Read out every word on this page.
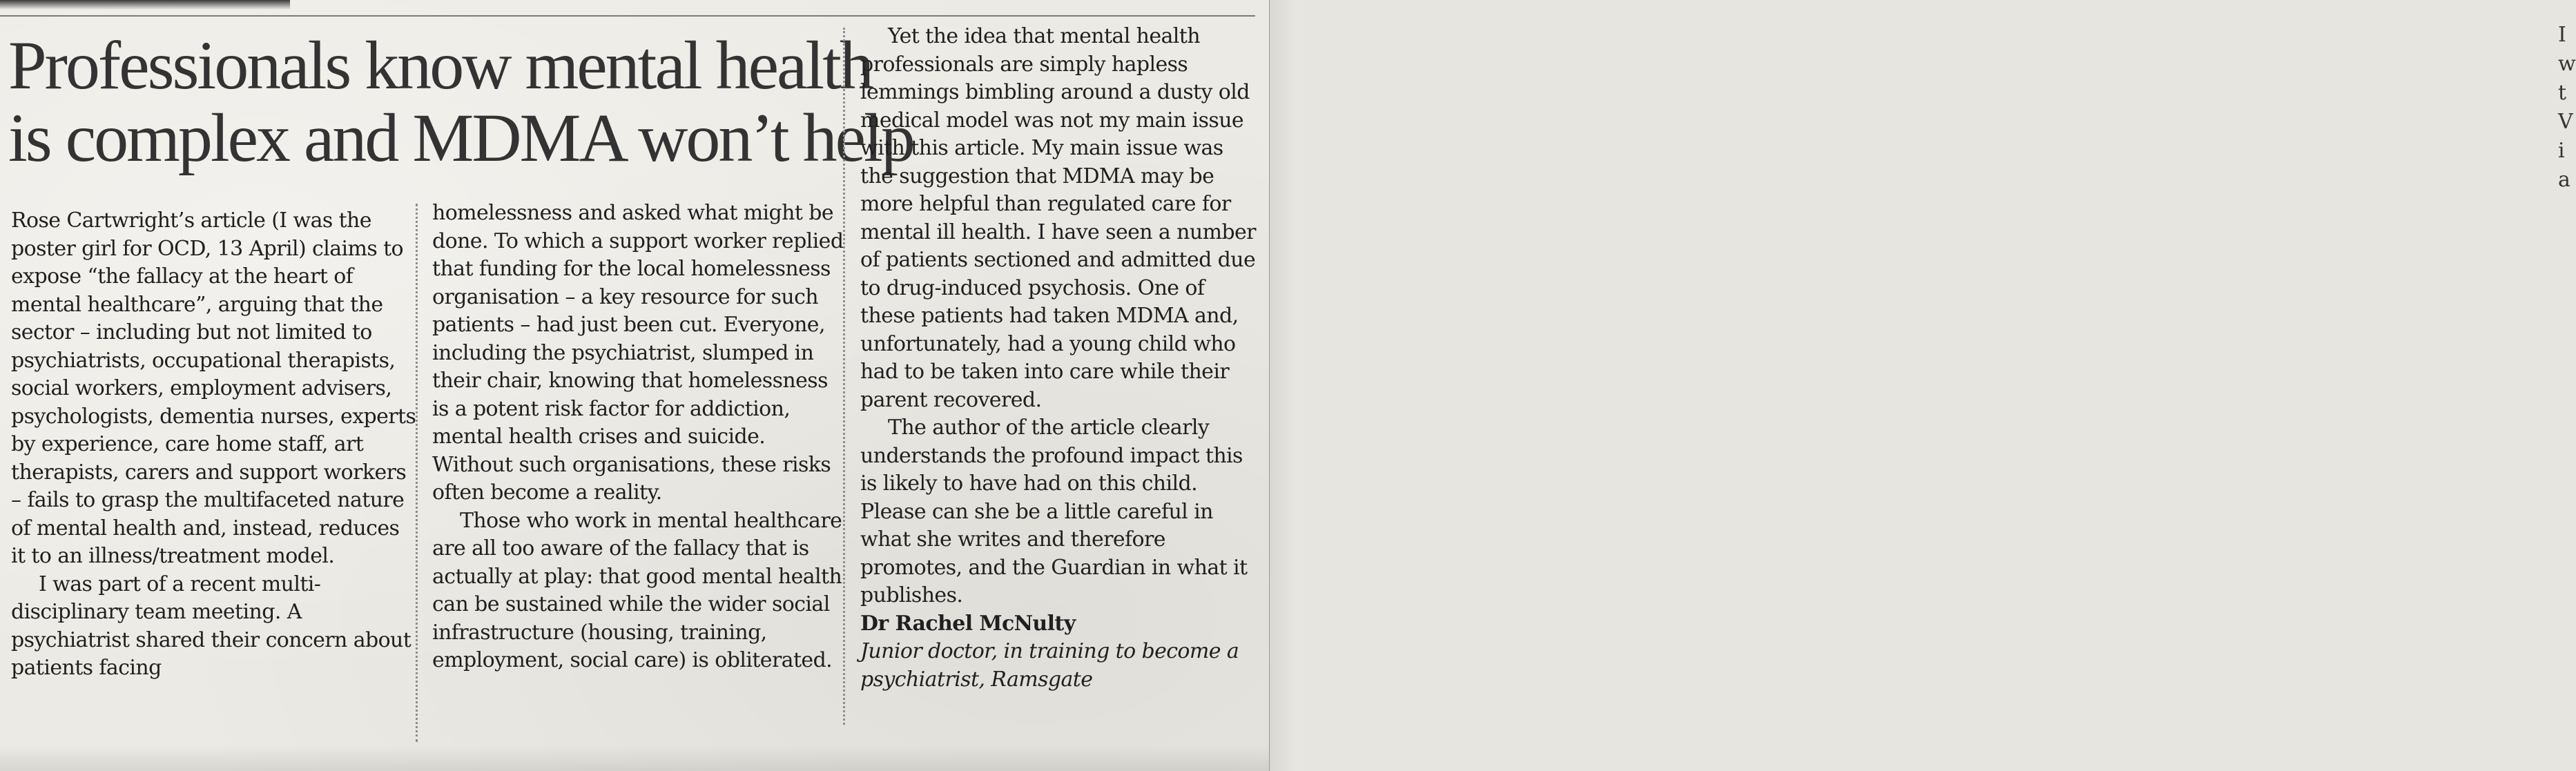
Professionals know mental health
is complex and MDMA won’t help

Rose Cartwright’s article (I was the poster girl for OCD, 13 April) claims to expose “the fallacy at the heart of mental healthcare”, arguing that the sector – including but not limited to psychiatrists, occupational therapists, social workers, employment advisers, psychologists, dementia nurses, experts by experience, care home staff, art therapists, carers and support workers – fails to grasp the multifaceted nature of mental health and, instead, reduces it to an illness/treatment model.

I was part of a recent multi-disciplinary team meeting. A psychiatrist shared their concern about patients facing

homelessness and asked what might be done. To which a support worker replied that funding for the local homelessness organisation – a key resource for such patients – had just been cut. Everyone, including the psychiatrist, slumped in their chair, knowing that homelessness is a potent risk factor for addiction, mental health crises and suicide. Without such organisations, these risks often become a reality.

Those who work in mental healthcare are all too aware of the fallacy that is actually at play: that good mental health can be sustained while the wider social infrastructure (housing, training, employment, social care) is obliterated.

Yet the idea that mental health professionals are simply hapless lemmings bimbling around a dusty old medical model was not my main issue with this article. My main issue was the suggestion that MDMA may be more helpful than regulated care for mental ill health. I have seen a number of patients sectioned and admitted due to drug-induced psychosis. One of these patients had taken MDMA and, unfortunately, had a young child who had to be taken into care while their parent recovered.

The author of the article clearly understands the profound impact this is likely to have had on this child. Please can she be a little careful in what she writes and therefore promotes, and the Guardian in what it publishes.

Dr Rachel McNulty

Junior doctor, in training to become a psychiatrist, Ramsgate

I w t V i a
